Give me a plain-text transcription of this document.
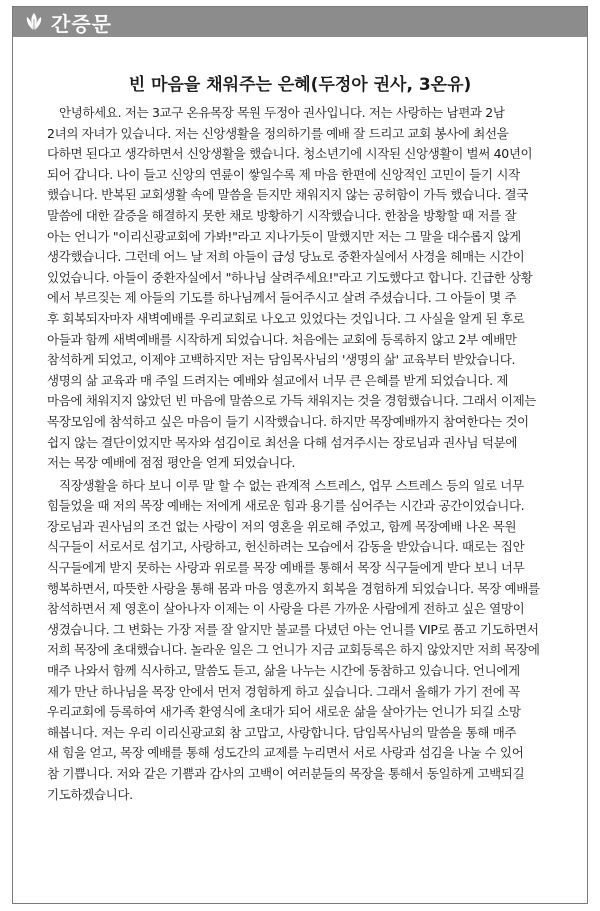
간증문
빈 마음을 채워주는 은혜(두정아 권사, 3온유)
안녕하세요. 저는 3교구 온유목장 목원 두정아 권사입니다. 저는 사랑하는 남편과 2남
2녀의 자녀가 있습니다. 저는 신앙생활을 정의하기를 예배 잘 드리고 교회 봉사에 최선을
다하면 된다고 생각하면서 신앙생활을 했습니다. 청소년기에 시작된 신앙생활이 벌써 40년이
되어 갑니다. 나이 들고 신앙의 연륜이 쌓일수록 제 마음 한편에 신앙적인 고민이 들기 시작
했습니다. 반복된 교회생활 속에 말씀을 듣지만 채워지지 않는 공허함이 가득 했습니다. 결국
말씀에 대한 갈증을 해결하지 못한 채로 방황하기 시작했습니다. 한참을 방황할 때 저를 잘
아는 언니가 "이리신광교회에 가봐!"라고 지나가듯이 말했지만 저는 그 말을 대수롭지 않게
생각했습니다. 그런데 어느 날 저희 아들이 급성 당뇨로 중환자실에서 사경을 헤매는 시간이
있었습니다. 아들이 중환자실에서 "하나님 살려주세요!"라고 기도했다고 합니다. 긴급한 상황
에서 부르짖는 제 아들의 기도를 하나님께서 들어주시고 살려 주셨습니다. 그 아들이 몇 주
후 회복되자마자 새벽예배를 우리교회로 나오고 있었다는 것입니다. 그 사실을 알게 된 후로
아들과 함께 새벽예배를 시작하게 되었습니다. 처음에는 교회에 등록하지 않고 2부 예배만
참석하게 되었고, 이제야 고백하지만 저는 담임목사님의 '생명의 삶' 교육부터 받았습니다.
생명의 삶 교육과 매 주일 드려지는 예배와 설교에서 너무 큰 은혜를 받게 되었습니다. 제
마음에 채워지지 않았던 빈 마음에 말씀으로 가득 채워지는 것을 경험했습니다. 그래서 이제는
목장모임에 참석하고 싶은 마음이 들기 시작했습니다. 하지만 목장예배까지 참여한다는 것이
쉽지 않는 결단이었지만 목자와 섬김이로 최선을 다해 섬겨주시는 장로님과 권사님 덕분에
저는 목장 예배에 점점 평안을 얻게 되었습니다.
직장생활을 하다 보니 이루 말 할 수 없는 관계적 스트레스, 업무 스트레스 등의 일로 너무
힘들었을 때 저의 목장 예배는 저에게 새로운 힘과 용기를 심어주는 시간과 공간이었습니다.
장로님과 권사님의 조건 없는 사랑이 저의 영혼을 위로해 주었고, 함께 목장예배 나온 목원
식구들이 서로서로 섬기고, 사랑하고, 헌신하려는 모습에서 감동을 받았습니다. 때로는 집안
식구들에게 받지 못하는 사랑과 위로를 목장 예배를 통해서 목장 식구들에게 받다 보니 너무
행복하면서, 따뜻한 사랑을 통해 몸과 마음 영혼까지 회복을 경험하게 되었습니다. 목장 예배를
참석하면서 제 영혼이 살아나자 이제는 이 사랑을 다른 가까운 사람에게 전하고 싶은 열망이
생겼습니다. 그 변화는 가장 저를 잘 알지만 불교를 다녔던 아는 언니를 VIP로 품고 기도하면서
저희 목장에 초대했습니다. 놀라운 일은 그 언니가 지금 교회등록은 하지 않았지만 저희 목장에
매주 나와서 함께 식사하고, 말씀도 듣고, 삶을 나누는 시간에 동참하고 있습니다. 언니에게
제가 만난 하나님을 목장 안에서 먼저 경험하게 하고 싶습니다. 그래서 올해가 가기 전에 꼭
우리교회에 등록하여 새가족 환영식에 초대가 되어 새로운 삶을 살아가는 언니가 되길 소망
해봅니다. 저는 우리 이리신광교회 참 고맙고, 사랑합니다. 담임목사님의 말씀을 통해 매주
새 힘을 얻고, 목장 예배를 통해 성도간의 교제를 누리면서 서로 사랑과 섬김을 나눌 수 있어
참 기쁩니다. 저와 같은 기쁨과 감사의 고백이 여러분들의 목장을 통해서 동일하게 고백되길
기도하겠습니다.
